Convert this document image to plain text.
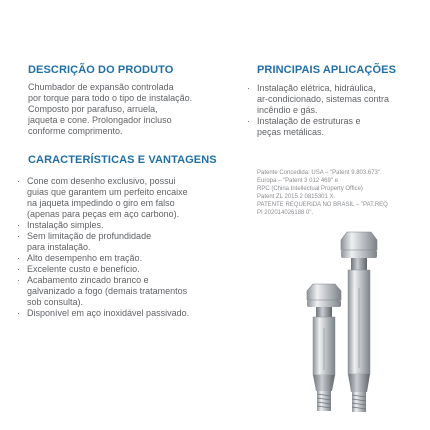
DESCRIÇÃO DO PRODUTO
Chumbador de expansão controlada
por torque para todo o tipo de instalação.
Composto por parafuso, arruela,
jaqueta e cone. Prolongador incluso
conforme comprimento.
CARACTERÍSTICAS E VANTAGENS
· Cone com desenho exclusivo, possui
guias que garantem um perfeito encaixe
na jaqueta impedindo o giro em falso
(apenas para peças em aço carbono).
· Instalação simples.
· Sem limitação de profundidade
para instalação.
· Alto desempenho em tração.
· Excelente custo e benefício.
· Acabamento zincado branco e
galvanizado a fogo (demais tratamentos
sob consulta).
· Disponível em aço inoxidável passivado.
PRINCIPAIS APLICAÇÕES
· Instalação elétrica, hidráulica,
ar-condicionado, sistemas contra
incêndio e gás.
· Instalação de estruturas e
peças metálicas.
Patente Concedida: USA – "Patent 9.803.673".
Europa – "Patent 3 012 469" e
RPC (China Intellectual Property Office)
Patent ZL 2015 2 0815301 X.
PATENTE REQUERIDA NO BRASIL – "PAT.REQ
PI 202014026188 0".
